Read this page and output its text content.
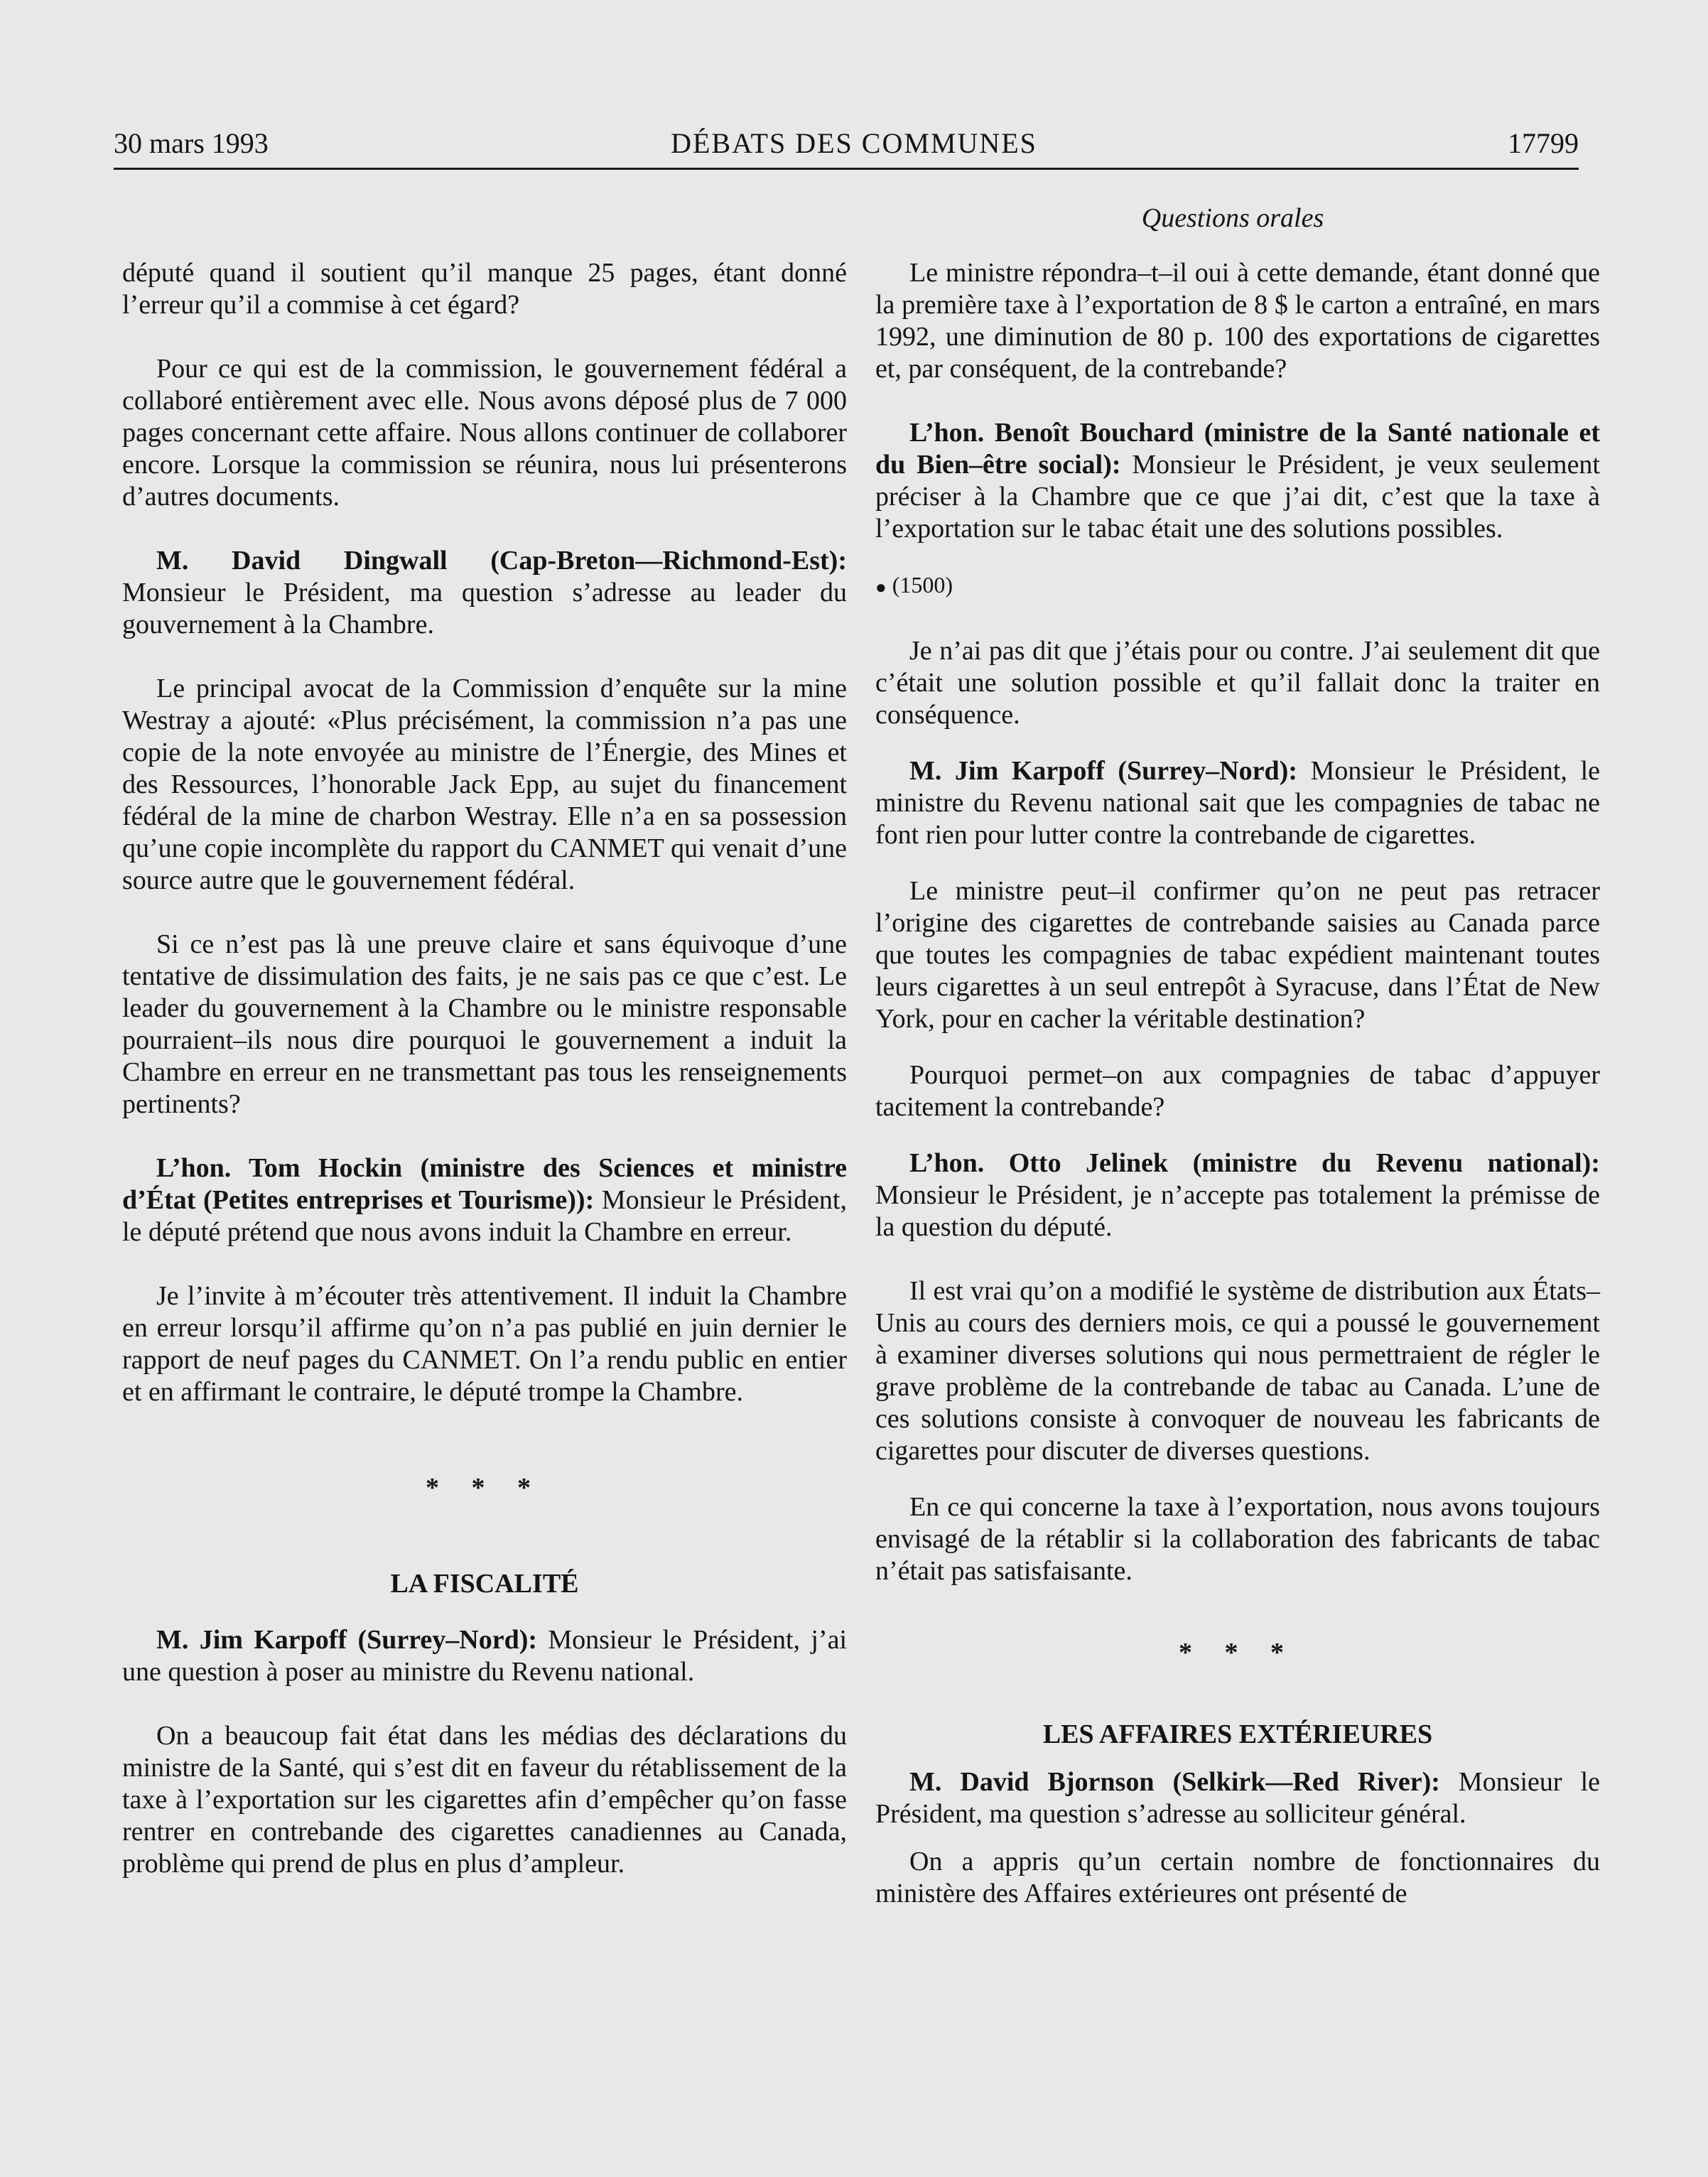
30 mars 1993	DÉBATS DES COMMUNES	17799
Questions orales

député quand il soutient qu’il manque 25 pages, étant donné l’erreur qu’il a commise à cet égard?

Pour ce qui est de la commission, le gouvernement fédéral a collaboré entièrement avec elle. Nous avons déposé plus de 7 000 pages concernant cette affaire. Nous allons continuer de collaborer encore. Lorsque la commission se réunira, nous lui présenterons d’autres documents.

M. David Dingwall (Cap-Breton—Richmond-Est): Monsieur le Président, ma question s’adresse au leader du gouvernement à la Chambre.

Le principal avocat de la Commission d’enquête sur la mine Westray a ajouté: «Plus précisément, la commission n’a pas une copie de la note envoyée au ministre de l’Énergie, des Mines et des Ressources, l’honorable Jack Epp, au sujet du financement fédéral de la mine de charbon Westray. Elle n’a en sa possession qu’une copie incomplète du rapport du CANMET qui venait d’une source autre que le gouvernement fédéral.

Si ce n’est pas là une preuve claire et sans équivoque d’une tentative de dissimulation des faits, je ne sais pas ce que c’est. Le leader du gouvernement à la Chambre ou le ministre responsable pourraient–ils nous dire pourquoi le gouvernement a induit la Chambre en erreur en ne transmettant pas tous les renseignements pertinents?

L’hon. Tom Hockin (ministre des Sciences et ministre d’État (Petites entreprises et Tourisme)): Monsieur le Président, le député prétend que nous avons induit la Chambre en erreur.

Je l’invite à m’écouter très attentivement. Il induit la Chambre en erreur lorsqu’il affirme qu’on n’a pas publié en juin dernier le rapport de neuf pages du CANMET. On l’a rendu public en entier et en affirmant le contraire, le député trompe la Chambre.

* * *

LA FISCALITÉ

M. Jim Karpoff (Surrey–Nord): Monsieur le Président, j’ai une question à poser au ministre du Revenu national.

On a beaucoup fait état dans les médias des déclarations du ministre de la Santé, qui s’est dit en faveur du rétablissement de la taxe à l’exportation sur les cigarettes afin d’empêcher qu’on fasse rentrer en contrebande des cigarettes canadiennes au Canada, problème qui prend de plus en plus d’ampleur.

Le ministre répondra–t–il oui à cette demande, étant donné que la première taxe à l’exportation de 8 $ le carton a entraîné, en mars 1992, une diminution de 80 p. 100 des exportations de cigarettes et, par conséquent, de la contrebande?

L’hon. Benoît Bouchard (ministre de la Santé nationale et du Bien–être social): Monsieur le Président, je veux seulement préciser à la Chambre que ce que j’ai dit, c’est que la taxe à l’exportation sur le tabac était une des solutions possibles.

● (1500)

Je n’ai pas dit que j’étais pour ou contre. J’ai seulement dit que c’était une solution possible et qu’il fallait donc la traiter en conséquence.

M. Jim Karpoff (Surrey–Nord): Monsieur le Président, le ministre du Revenu national sait que les compagnies de tabac ne font rien pour lutter contre la contrebande de cigarettes.

Le ministre peut–il confirmer qu’on ne peut pas retracer l’origine des cigarettes de contrebande saisies au Canada parce que toutes les compagnies de tabac expédient maintenant toutes leurs cigarettes à un seul entrepôt à Syracuse, dans l’État de New York, pour en cacher la véritable destination?

Pourquoi permet–on aux compagnies de tabac d’appuyer tacitement la contrebande?

L’hon. Otto Jelinek (ministre du Revenu national): Monsieur le Président, je n’accepte pas totalement la prémisse de la question du député.

Il est vrai qu’on a modifié le système de distribution aux États–Unis au cours des derniers mois, ce qui a poussé le gouvernement à examiner diverses solutions qui nous permettraient de régler le grave problème de la contrebande de tabac au Canada. L’une de ces solutions consiste à convoquer de nouveau les fabricants de cigarettes pour discuter de diverses questions.

En ce qui concerne la taxe à l’exportation, nous avons toujours envisagé de la rétablir si la collaboration des fabricants de tabac n’était pas satisfaisante.

* * *

LES AFFAIRES EXTÉRIEURES

M. David Bjornson (Selkirk—Red River): Monsieur le Président, ma question s’adresse au solliciteur général.

On a appris qu’un certain nombre de fonctionnaires du ministère des Affaires extérieures ont présenté de
